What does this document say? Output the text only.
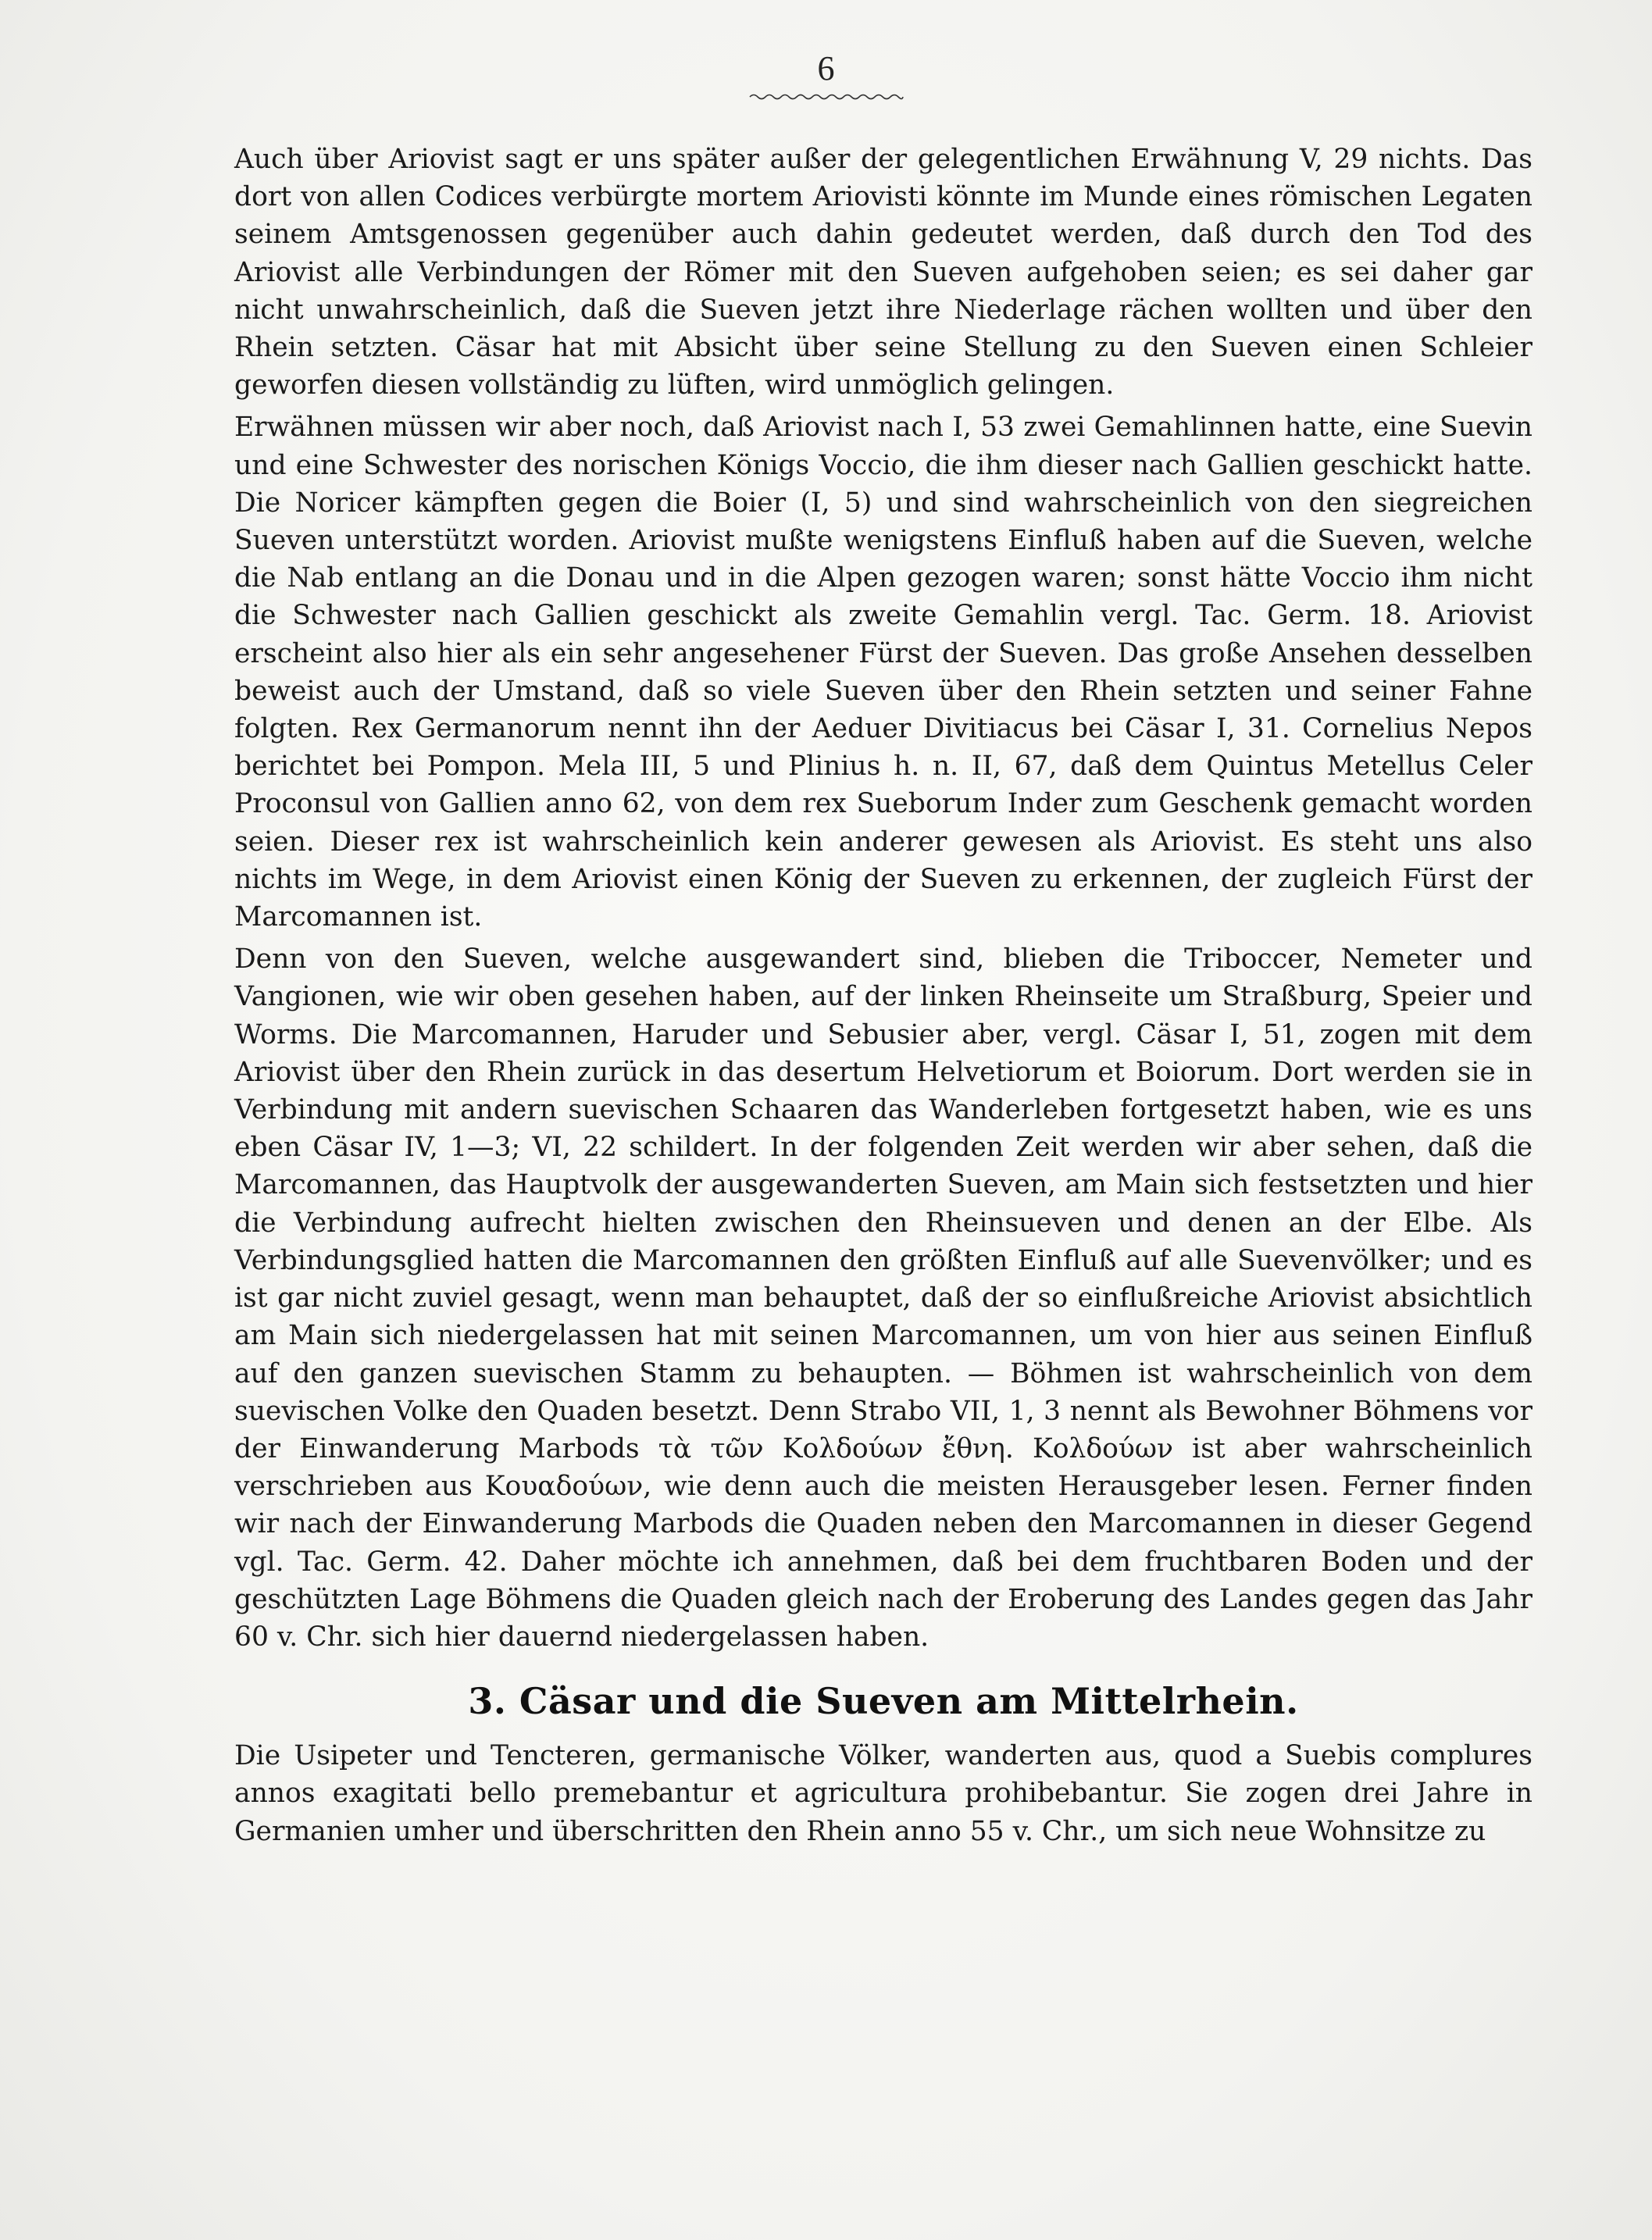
6

Auch über Ariovist sagt er uns später außer der gelegentlichen Erwähnung V, 29 nichts. Das dort von allen Codices verbürgte mortem Ariovisti könnte im Munde eines römischen Legaten seinem Amtsgenossen gegenüber auch dahin gedeutet werden, daß durch den Tod des Ariovist alle Verbindungen der Römer mit den Sueven aufgehoben seien; es sei daher gar nicht unwahrscheinlich, daß die Sueven jetzt ihre Niederlage rächen wollten und über den Rhein setzten. Cäsar hat mit Absicht über seine Stellung zu den Sueven einen Schleier geworfen diesen vollständig zu lüften, wird unmöglich gelingen.

Erwähnen müssen wir aber noch, daß Ariovist nach I, 53 zwei Gemahlinnen hatte, eine Suevin und eine Schwester des norischen Königs Voccio, die ihm dieser nach Gallien geschickt hatte. Die Noricer kämpften gegen die Boier (I, 5) und sind wahrscheinlich von den siegreichen Sueven unterstützt worden. Ariovist mußte wenigstens Einfluß haben auf die Sueven, welche die Nab entlang an die Donau und in die Alpen gezogen waren; sonst hätte Voccio ihm nicht die Schwester nach Gallien geschickt als zweite Gemahlin vergl. Tac. Germ. 18. Ariovist erscheint also hier als ein sehr angesehener Fürst der Sueven. Das große Ansehen desselben beweist auch der Umstand, daß so viele Sueven über den Rhein setzten und seiner Fahne folgten. Rex Germanorum nennt ihn der Aeduer Divitiacus bei Cäsar I, 31. Cornelius Nepos berichtet bei Pompon. Mela III, 5 und Plinius h. n. II, 67, daß dem Quintus Metellus Celer Proconsul von Gallien anno 62, von dem rex Sueborum Inder zum Geschenk gemacht worden seien. Dieser rex ist wahrscheinlich kein anderer gewesen als Ariovist. Es steht uns also nichts im Wege, in dem Ariovist einen König der Sueven zu erkennen, der zugleich Fürst der Marcomannen ist.

Denn von den Sueven, welche ausgewandert sind, blieben die Triboccer, Nemeter und Vangionen, wie wir oben gesehen haben, auf der linken Rheinseite um Straßburg, Speier und Worms. Die Marcomannen, Haruder und Sebusier aber, vergl. Cäsar I, 51, zogen mit dem Ariovist über den Rhein zurück in das desertum Helvetiorum et Boiorum. Dort werden sie in Verbindung mit andern suevischen Schaaren das Wanderleben fortgesetzt haben, wie es uns eben Cäsar IV, 1—3; VI, 22 schildert. In der folgenden Zeit werden wir aber sehen, daß die Marcomannen, das Hauptvolk der ausgewanderten Sueven, am Main sich festsetzten und hier die Verbindung aufrecht hielten zwischen den Rheinsueven und denen an der Elbe. Als Verbindungsglied hatten die Marcomannen den größten Einfluß auf alle Suevenvölker; und es ist gar nicht zuviel gesagt, wenn man behauptet, daß der so einflußreiche Ariovist absichtlich am Main sich niedergelassen hat mit seinen Marcomannen, um von hier aus seinen Einfluß auf den ganzen suevischen Stamm zu behaupten. — Böhmen ist wahrscheinlich von dem suevischen Volke den Quaden besetzt. Denn Strabo VII, 1, 3 nennt als Bewohner Böhmens vor der Einwanderung Marbods τὰ τῶν Κολδούων ἔθνη. Κολδούων ist aber wahrscheinlich verschrieben aus Κουαδούων, wie denn auch die meisten Herausgeber lesen. Ferner finden wir nach der Einwanderung Marbods die Quaden neben den Marcomannen in dieser Gegend vgl. Tac. Germ. 42. Daher möchte ich annehmen, daß bei dem fruchtbaren Boden und der geschützten Lage Böhmens die Quaden gleich nach der Eroberung des Landes gegen das Jahr 60 v. Chr. sich hier dauernd niedergelassen haben.

3. Cäsar und die Sueven am Mittelrhein.

Die Usipeter und Tencteren, germanische Völker, wanderten aus, quod a Suebis complures annos exagitati bello premebantur et agricultura prohibebantur. Sie zogen drei Jahre in Germanien umher und überschritten den Rhein anno 55 v. Chr., um sich neue Wohnsitze zu
